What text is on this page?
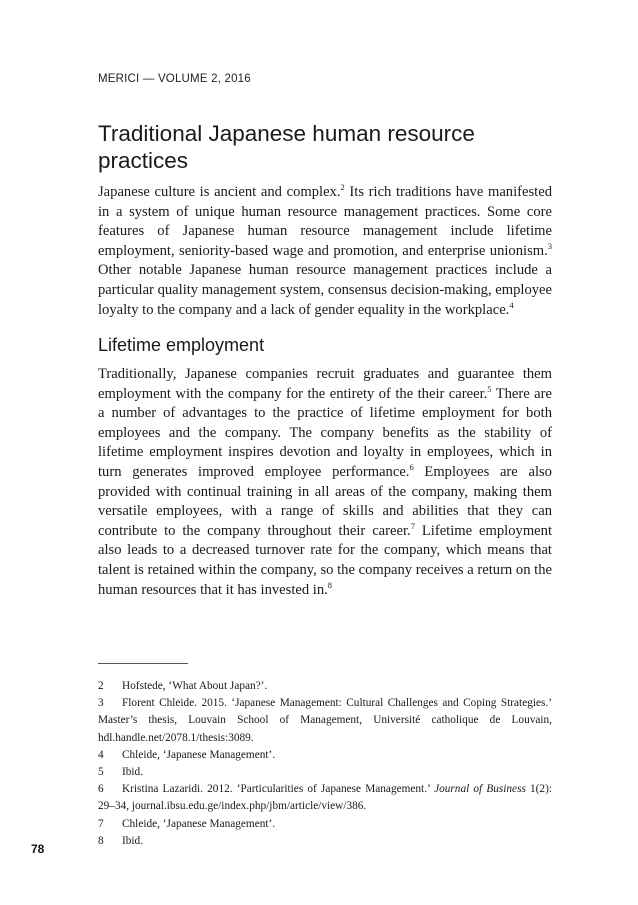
MERICI — VOLUME 2, 2016
Traditional Japanese human resource practices

Japanese culture is ancient and complex.$^2$ Its rich traditions have manifested in a system of unique human resource management practices. Some core features of Japanese human resource management include lifetime employment, seniority-based wage and promotion, and enterprise unionism.$^3$ Other notable Japanese human resource management practices include a particular quality management system, consensus decision-making, employee loyalty to the company and a lack of gender equality in the workplace.$^4$

Lifetime employment

Traditionally, Japanese companies recruit graduates and guarantee them employment with the company for the entirety of the their career.$^5$ There are a number of advantages to the practice of lifetime employment for both employees and the company. The company benefits as the stability of lifetime employment inspires devotion and loyalty in employees, which in turn generates improved employee performance.$^6$ Employees are also provided with continual training in all areas of the company, making them versatile employees, with a range of skills and abilities that they can contribute to the company throughout their career.$^7$ Lifetime employment also leads to a decreased turnover rate for the company, which means that talent is retained within the company, so the company receives a return on the human resources that it has invested in.$^8$

2 Hofstede, ‘What About Japan?’.

3 Florent Chleide. 2015. ‘Japanese Management: Cultural Challenges and Coping Strategies.’ Master’s thesis, Louvain School of Management, Université catholique de Louvain, hdl.handle.net/2078.1/thesis:3089.

4 Chleide, ‘Japanese Management’.

5 Ibid.

6 Kristina Lazaridi. 2012. ‘Particularities of Japanese Management.’ Journal of Business 1(2): 29–34, journal.ibsu.edu.ge/index.php/jbm/article/view/386.

7 Chleide, ‘Japanese Management’.

8 Ibid.

78
